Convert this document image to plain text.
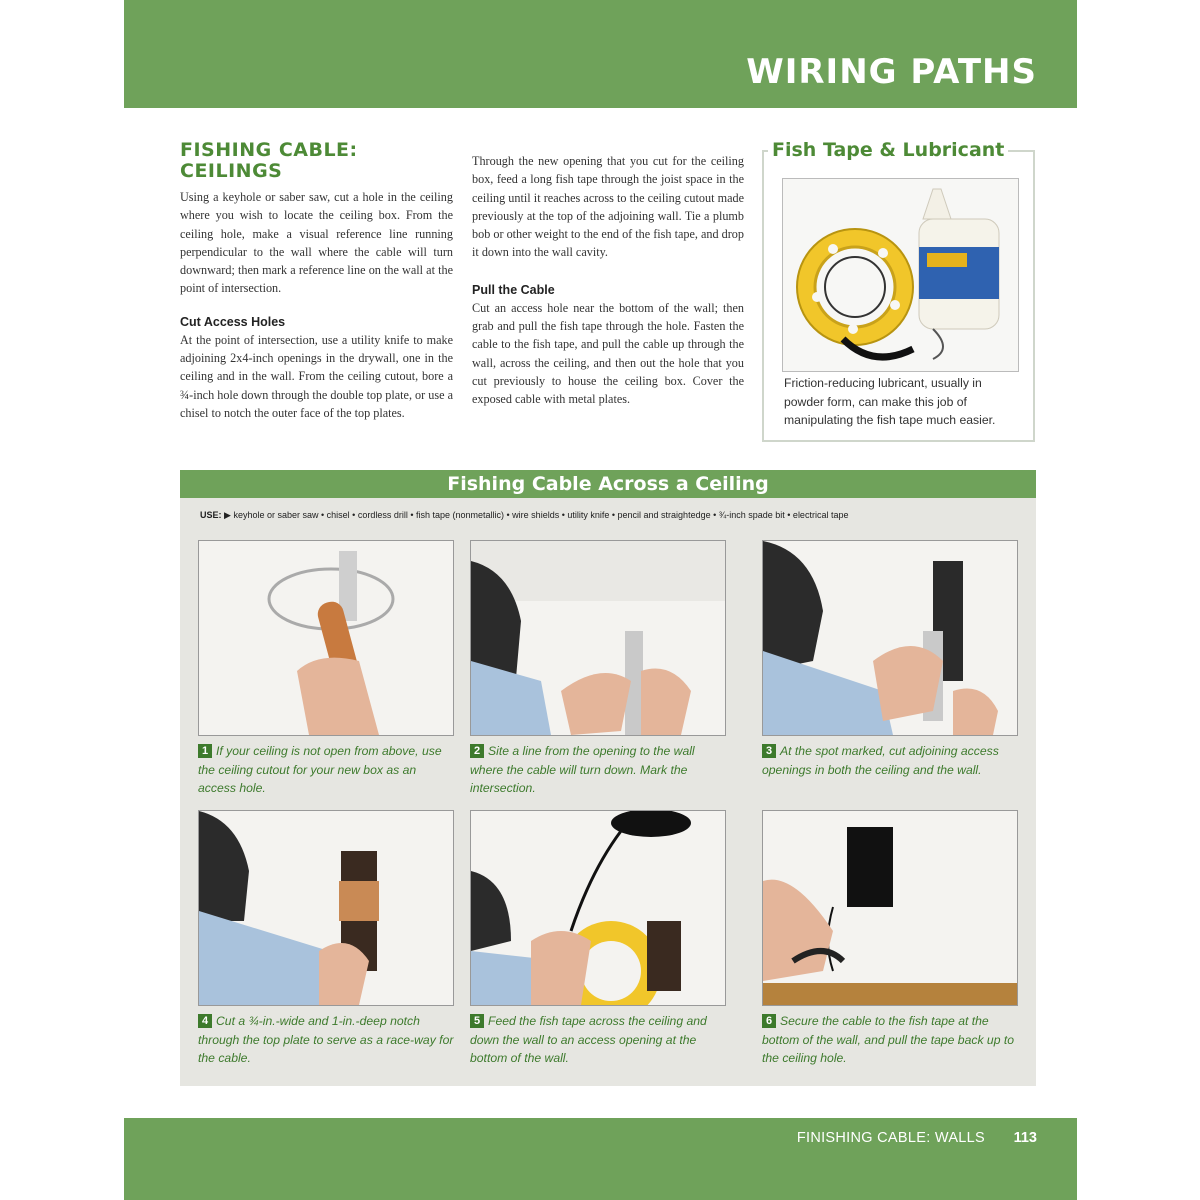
WIRING PATHS
FISHING CABLE:
CEILINGS

Using a keyhole or saber saw, cut a hole in the ceiling where you wish to locate the ceiling box. From the ceiling hole, make a visual reference line running perpendicular to the wall where the cable will turn downward; then mark a reference line on the wall at the point of intersection.

Cut Access Holes

At the point of intersection, use a utility knife to make adjoining 2x4-inch openings in the drywall, one in the ceiling and in the wall. From the ceiling cutout, bore a ¾-inch hole down through the double top plate, or use a chisel to notch the outer face of the top plates.

Through the new opening that you cut for the ceiling box, feed a long fish tape through the joist space in the ceiling until it reaches across to the ceiling cutout made previously at the top of the adjoining wall. Tie a plumb bob or other weight to the end of the fish tape, and drop it down into the wall cavity.

Pull the Cable

Cut an access hole near the bottom of the wall; then grab and pull the fish tape through the hole. Fasten the cable to the fish tape, and pull the cable up through the wall, across the ceiling, and then out the hole that you cut previously to house the ceiling box. Cover the exposed cable with metal plates.

Fish Tape & Lubricant
Friction-reducing lubricant, usually in powder form, can make this job of manipulating the fish tape much easier.
Fishing Cable Across a Ceiling
USE: ▶ keyhole or saber saw • chisel • cordless drill • fish tape (nonmetallic) • wire shields • utility knife • pencil and straightedge • ¾-inch spade bit • electrical tape
1 If your ceiling is not open from above, use the ceiling cutout for your new box as an access hole.
2 Site a line from the opening to the wall where the cable will turn down. Mark the intersection.
3 At the spot marked, cut adjoining access openings in both the ceiling and the wall.
4 Cut a ¾-in.-wide and 1-in.-deep notch through the top plate to serve as a race-way for the cable.
5 Feed the fish tape across the ceiling and down the wall to an access opening at the bottom of the wall.
6 Secure the cable to the fish tape at the bottom of the wall, and pull the tape back up to the ceiling hole.
FINISHING CABLE: WALLS 113
